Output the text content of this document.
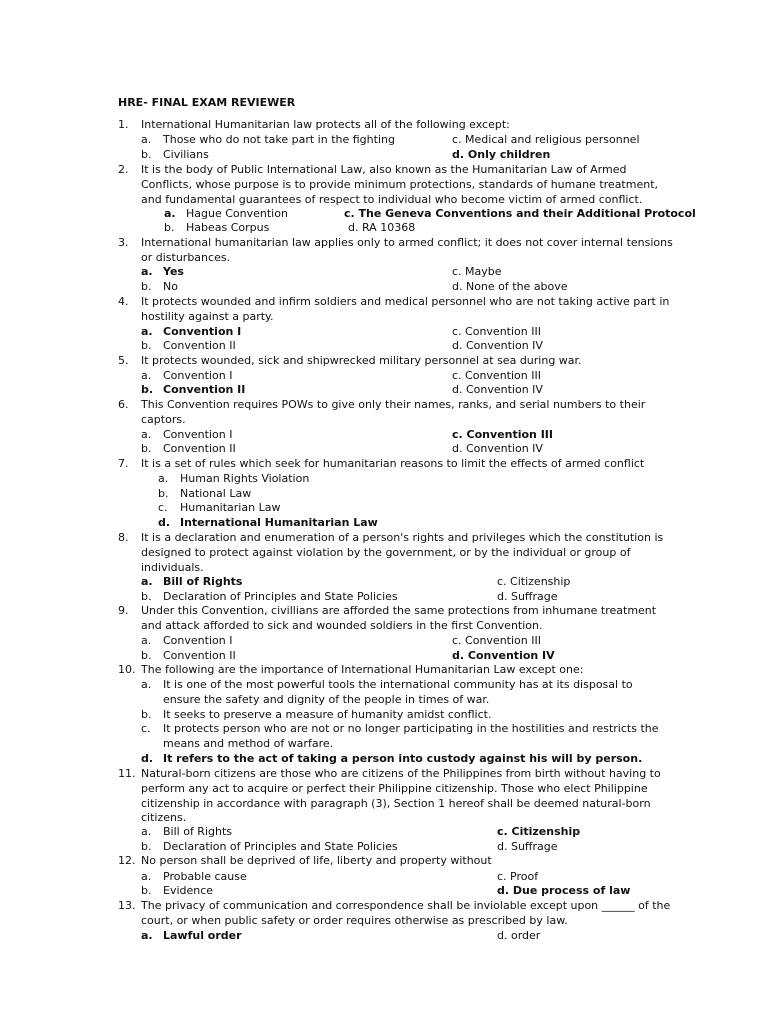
HRE- FINAL EXAM REVIEWER
1. International Humanitarian law protects all of the following except:
a. Those who do not take part in the fighting	c. Medical and religious personnel
b. Civilians	d. Only children
2. It is the body of Public International Law, also known as the Humanitarian Law of Armed Conflicts, whose purpose is to provide minimum protections, standards of humane treatment, and fundamental guarantees of respect to individual who become victim of armed conflict.
a. Hague Convention	c. The Geneva Conventions and their Additional Protocol
b. Habeas Corpus	d. RA 10368
3. International humanitarian law applies only to armed conflict; it does not cover internal tensions or disturbances.
a. Yes	c. Maybe
b. No	d. None of the above
4. It protects wounded and infirm soldiers and medical personnel who are not taking active part in hostility against a party.
a. Convention I	c. Convention III
b. Convention II	d. Convention IV
5. It protects wounded, sick and shipwrecked military personnel at sea during war.
a. Convention I	c. Convention III
b. Convention II	d. Convention IV
6. This Convention requires POWs to give only their names, ranks, and serial numbers to their captors.
a. Convention I	c. Convention III
b. Convention II	d. Convention IV
7. It is a set of rules which seek for humanitarian reasons to limit the effects of armed conflict
a. Human Rights Violation
b. National Law
c. Humanitarian Law
d. International Humanitarian Law
8. It is a declaration and enumeration of a person's rights and privileges which the constitution is designed to protect against violation by the government, or by the individual or group of individuals.
a. Bill of Rights	c. Citizenship
b. Declaration of Principles and State Policies	d. Suffrage
9. Under this Convention, civillians are afforded the same protections from inhumane treatment and attack afforded to sick and wounded soldiers in the first Convention.
a. Convention I	c. Convention III
b. Convention II	d. Convention IV
10. The following are the importance of International Humanitarian Law except one:
a. It is one of the most powerful tools the international community has at its disposal to ensure the safety and dignity of the people in times of war.
b. It seeks to preserve a measure of humanity amidst conflict.
c. It protects person who are not or no longer participating in the hostilities and restricts the means and method of warfare.
d. It refers to the act of taking a person into custody against his will by person.
11. Natural-born citizens are those who are citizens of the Philippines from birth without having to perform any act to acquire or perfect their Philippine citizenship. Those who elect Philippine citizenship in accordance with paragraph (3), Section 1 hereof shall be deemed natural-born citizens.
a. Bill of Rights	c. Citizenship
b. Declaration of Principles and State Policies	d. Suffrage
12. No person shall be deprived of life, liberty and property without
a. Probable cause	c. Proof
b. Evidence	d. Due process of law
13. The privacy of communication and correspondence shall be inviolable except upon ______ of the court, or when public safety or order requires otherwise as prescribed by law.
a. Lawful order	d. order
